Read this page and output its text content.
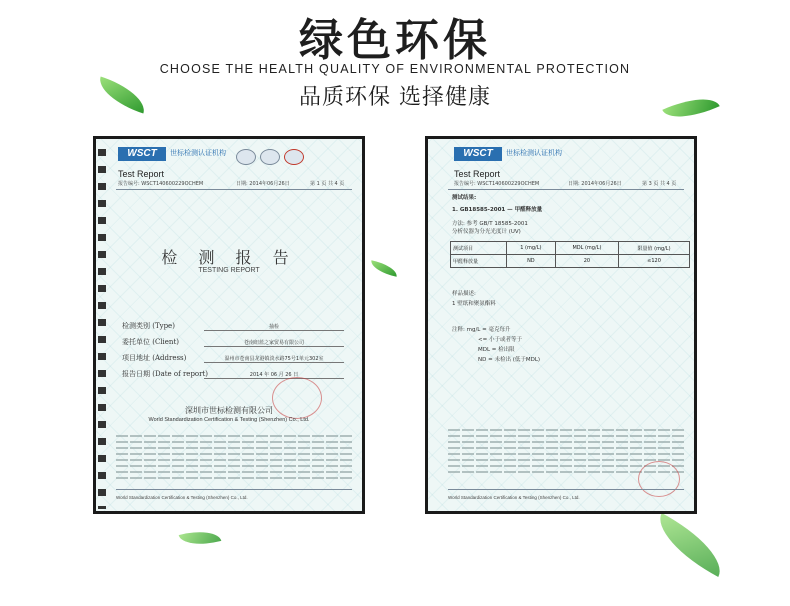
绿色环保
CHOOSE THE HEALTH QUALITY OF ENVIRONMENTAL PROTECTION
品质环保 选择健康
WSCT	世标检测认证机构
Test Report
报告编号: WSCT140600229OCHEM	日期: 2014年06月26日	第 1 页 共 4 页
检 测 报 告
TESTING REPORT
检测类别 (Type)	抽检
委托单位 (Client)	苍南纽蓝之家贸易有限公司
项目地址 (Address)	温州市苍南县龙港镇淡水路75号1单元302室
报告日期 (Date of report)	2014 年 06 月 26 日
深圳市世标检测有限公司
World Standardization Certification & Testing (Shenzhen) Co., Ltd.
World Standardization Certification & Testing (Shenzhen) Co., Ltd.
WSCT	世标检测认证机构
Test Report
报告编号: WSCT140600229OCHEM	日期: 2014年06月26日	第 3 页 共 4 页
测试结果:
1. GB18585-2001 — 甲醛释放量
方法: 参考 GB/T 18585-2001
分析仪器为分光光度计 (UV)
测试项目	1 (mg/L)	MDL (mg/L)	限量值 (mg/L)
甲醛释放量	ND	20	≤120
样品描述:
1 壁纸和聚氨酯料
注释: mg/L = 毫克每升
<= 小于或者等于
MDL = 检出限
ND = 未检出 (低于MDL)
World Standardization Certification & Testing (Shenzhen) Co., Ltd.
